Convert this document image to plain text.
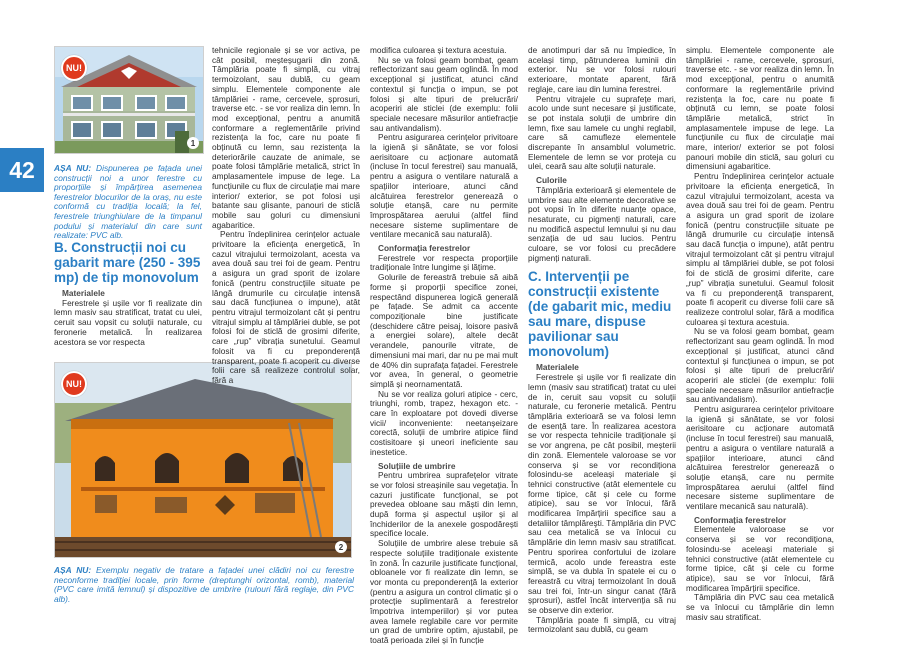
42
NU!
1
AȘA NU: Dispunerea pe fațada unei construcții noi a unor ferestre cu proporțiile și împărțirea asemenea ferestrelor blocurilor de la oraș, nu este conformă cu tradiția locală; la fel, ferestrele triunghiulare de la timpanul podului și materialul din care sunt realizate: PVC alb.
B. Construcții noi cu gabarit mare (250 - 395 mp) de tip monovolum
Materialele

Ferestrele și ușile vor fi realizate din lemn masiv sau stratificat, tratat cu ulei, ceruit sau vopsit cu soluții naturale, cu feronerie metalică. În realizarea acestora se vor respecta

NU!
2
AȘA NU: Exemplu negativ de tratare a fațadei unei clădiri noi cu ferestre neconforme tradiției locale, prin forme (dreptunghi orizontal, romb), material (PVC care imită lemnul) și dispozitive de umbrire (rulouri fără reglaje, din PVC alb).

tehnicile regionale și se vor activa, pe cât posibil, meșteșugarii din zonă. Tâmplăria poate fi simplă, cu vitraj termoizolant, sau dublă, cu geam simplu. Elementele componente ale tâmplăriei - rame, cercevele, șprosuri, traverse etc. - se vor realiza din lemn. În mod excepțional, pentru a anumită conformare a reglementările privind rezistența la foc, care nu poate fi obținută cu lemn, sau rezistența la deteriorările cauzate de animale, se poate folosi tâmplărie metalică, strict în amplasamentele impuse de lege. La funcțiunile cu flux de circulație mai mare interior/ exterior, se pot folosi uși batante sau glisante, panouri de sticlă mobile sau goluri cu dimensiuni agabaritice.

Pentru îndeplinirea cerințelor actuale privitoare la eficiența energetică, în cazul vitrajului termoizolant, acesta va avea două sau trei foi de geam. Pentru a asigura un grad sporit de izolare fonică (pentru construcțiile situate pe lângă drumurile cu circulație intensă sau dacă funcțiunea o impune), atât pentru vitrajul termoizolant cât și pentru vitrajul simplu al tâmplăriei duble, se pot folosi foi de sticlă de grosimi diferite, care „rup” vibrația sunetului. Geamul folosit va fi cu preponderență transparent, poate fi acoperit cu diverse folii care să realizeze controlul solar, fără a

modifica culoarea și textura acestuia.

Nu se va folosi geam bombat, geam reflectorizant sau geam oglindă. În mod excepțional și justificat, atunci când contextul și funcția o impun, se pot folosi și alte tipuri de prelucrări/ acoperiri ale sticlei (de exemplu: folii speciale necesare măsurilor antiefracție sau antivandalism).

Pentru asigurarea cerințelor privitoare la igienă și sănătate, se vor folosi aerisitoare cu acționare automată (incluse în tocul ferestrei) sau manuală, pentru a asigura o ventilare naturală a spațiilor interioare, atunci când alcătuirea ferestrelor generează o soluție etanșă, care nu permite împrospătarea aerului (altfel fiind necesare sisteme suplimentare de ventilare mecanică sau naturală).

Conformația ferestrelor

Ferestrele vor respecta proporțiile tradiționale între lungime și lățime.

Golurile de fereastră trebuie să aibă forme și proporții specifice zonei, respectând dispunerea logică generală pe fațade. Se admit ca accente compoziționale bine justificate (deschidere către peisaj, loisore pasivă a energiei solare), altele decât verandele, panourile vitrate, de dimensiuni mai mari, dar nu pe mai mult de 40% din suprafața fațadei. Ferestrele vor avea, în general, o geometrie simplă și neornamentată.

Nu se vor realiza goluri atipice - cerc, triunghi, romb, trapez, hexagon etc. - care în exploatare pot dovedi diverse vicii/ inconveniente: neetanșeizare corectă, soluții de umbrire atipice fiind costisitoare și uneori ineficiente sau inestetice.

Soluțiile de umbrire

Pentru umbrirea suprafețelor vitrate se vor folosi streașinile sau vegetația. În cazuri justificate funcțional, se pot prevedea obloane sau măști din lemn, după forma și aspectul ușilor și al închiderilor de la anexele gospodărești specifice locale.

Soluțiile de umbrire alese trebuie să respecte soluțiile tradiționale existente în zonă. În cazurile justificate funcțional, obloanele vor fi realizate din lemn, se vor monta cu preponderență la exterior (pentru a asigura un control climatic și o protecție suplimentară a ferestrelor împotriva intemperiilor) și vor putea avea lamele reglabile care vor permite un grad de umbrire optim, ajustabil, pe toată perioada zilei și în funcție

de anotimpuri dar să nu împiedice, în același timp, pătrunderea luminii din exterior. Nu se vor folosi rulouri exterioare, montate aparent, fără reglaje, care iau din lumina ferestrei.

Pentru vitrajele cu suprafețe mari, acolo unde sunt necesare și justificate, se pot instala soluții de umbrire din lemn, fixe sau lamele cu unghi reglabil, care să camufleze elementele discrepante în ansamblul volumetric. Elementele de lemn se vor proteja cu ulei, ceară sau alte soluții naturale.

Culorile

Tâmplăria exterioară și elementele de umbrire sau alte elemente decorative se pot vopsi în în diferite nuanțe opace, nesaturate, cu pigmenți naturali, care nu modifică aspectul lemnului și nu dau senzația de ud sau lucios. Pentru culoare, se vor folosi cu precădere pigmenți naturali.

C. Intervenții pe construcții existente (de gabarit mic, mediu sau mare, dispuse pavilionar sau monovolum)
Materialele

Ferestrele și ușile vor fi realizate din lemn (masiv sau stratificat) tratat cu ulei de in, ceruit sau vopsit cu soluții naturale, cu feronerie metalică. Pentru tâmplăria exterioară se va folosi lemn de esență tare. În realizarea acestora se vor respecta tehnicile tradiționale și se vor angrena, pe cât posibil, meșterii din zonă. Elementele valoroase se vor conserva și se vor recondiționa folosindu-se aceleași materiale și tehnici constructive (atât elementele cu forme tipice, cât și cele cu forme atipice), sau se vor înlocui, fără modificarea împărțirii specifice sau a detaliilor tâmplăreşti. Tâmplăria din PVC sau cea metalică se va înlocui cu tâmplărie din lemn masiv sau stratificat. Pentru sporirea confortului de izolare termică, acolo unde fereastra este simplă, se va dubla în spatele ei cu o fereastră cu vitraj termoizolant în două sau trei foi, într-un singur canat (fără șprosuri), astfel încât intervenția să nu se observe din exterior.

Tâmplăria poate fi simplă, cu vitraj termoizolant sau dublă, cu geam

simplu. Elementele componente ale tâmplăriei - rame, cercevele, șprosuri, traverse etc. - se vor realiza din lemn. În mod excepțional, pentru o anumită conformare la reglementările privind rezistența la foc, care nu poate fi obținută cu lemn, se poate folosi tâmplărie metalică, strict în amplasamentele impuse de lege. La funcțiunile cu flux de circulație mai mare, interior/ exterior se pot folosi panouri mobile din sticlă, sau goluri cu dimensiuni agabaritice.

Pentru îndeplinirea cerințelor actuale privitoare la eficiența energetică, în cazul vitrajului termoizolant, acesta va avea două sau trei foi de geam. Pentru a asigura un grad sporit de izolare fonică (pentru construcțiile situate pe lângă drumurile cu circulație intensă sau dacă funcția o impune), atât pentru vitrajul termoizolant cât și pentru vitrajul simplu al tâmplăriei duble, se pot folosi foi de sticlă de grosimi diferite, care „rup” vibrația sunetului. Geamul folosit va fi cu preponderență transparent, poate fi acoperit cu diverse folii care să realizeze controlul solar, fără a modifica culoarea și textura acestuia.

Nu se va folosi geam bombat, geam reflectorizant sau geam oglindă. În mod excepțional și justificat, atunci când contextul și funcțiunea o impun, se pot folosi și alte tipuri de prelucrări/ acoperiri ale sticlei (de exemplu: folii speciale necesare măsurilor antiefracție sau antivandalism).

Pentru asigurarea cerințelor privitoare la igienă și sănătate, se vor folosi aerisitoare cu acționare automată (incluse în tocul ferestrei) sau manuală, pentru a asigura o ventilare naturală a spațiilor interioare, atunci când alcătuirea ferestrelor generează o soluție etanșă, care nu permite împrospătarea aerului (altfel fiind necesare sisteme suplimentare de ventilare mecanică sau naturală).

Conformația ferestrelor

Elementele valoroase se vor conserva și se vor recondiționa, folosindu-se aceleași materiale și tehnici constructive (atât elementele cu forme tipice, cât și cele cu forme atipice), sau se vor înlocui, fără modificarea împărțirii specifice.

Tâmplăria din PVC sau cea metalică se va înlocui cu tâmplărie din lemn masiv sau stratificat.
